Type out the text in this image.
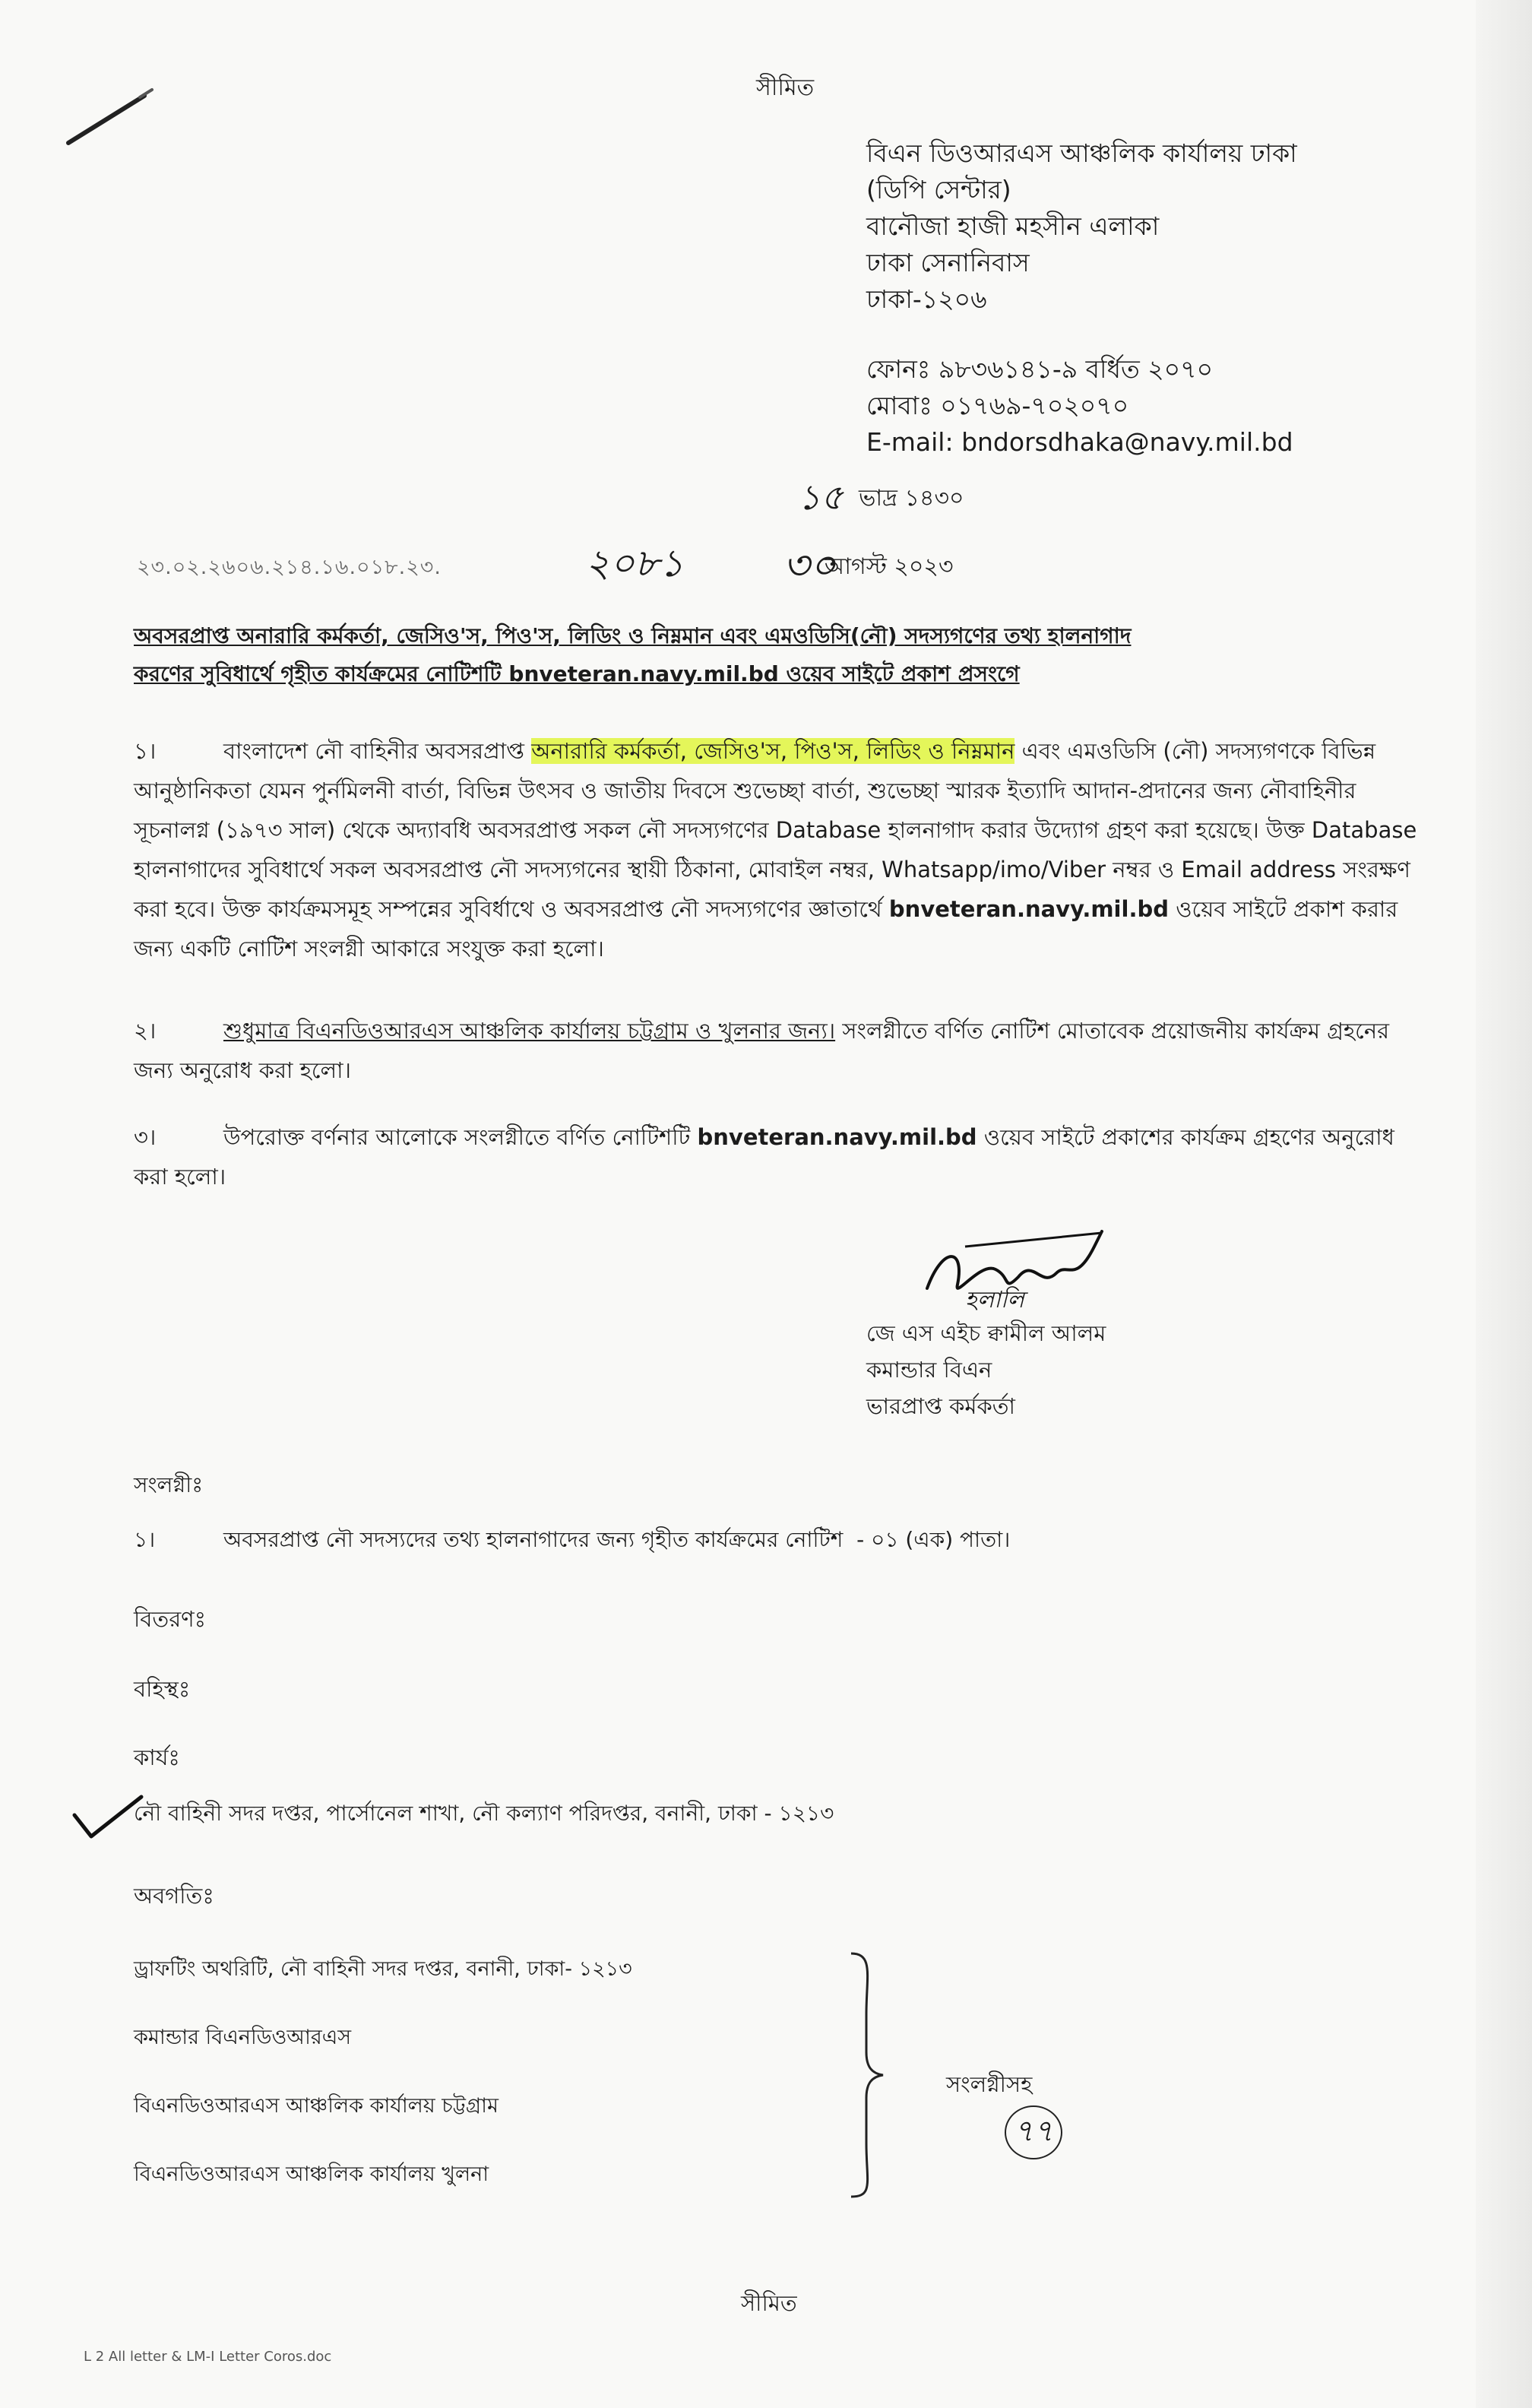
সীমিত
বিএন ডিওআরএস আঞ্চলিক কার্যালয় ঢাকা
(ডিপি সেন্টার)
বানৌজা হাজী মহসীন এলাকা
ঢাকা সেনানিবাস
ঢাকা-১২০৬
ফোনঃ ৯৮৩৬১৪১-৯ বর্ধিত ২০৭০
মোবাঃ ০১৭৬৯-৭০২০৭০
E-mail: bndorsdhaka@navy.mil.bd
১৫ ভাদ্র ১৪৩০
২৩.০২.২৬০৬.২১৪.১৬.০১৮.২৩.	২০৮১ ৩০
আগস্ট ২০২৩
অবসরপ্রাপ্ত অনারারি কর্মকর্তা, জেসিও'স, পিও'স, লিডিং ও নিম্নমান এবং এমওডিসি(নৌ) সদস্যগণের তথ্য হালনাগাদ
করণের সুবিধার্থে গৃহীত কার্যক্রমের নোটিশটি bnveteran.navy.mil.bd ওয়েব সাইটে প্রকাশ প্রসংগে
১।	বাংলাদেশ নৌ বাহিনীর অবসরপ্রাপ্ত অনারারি কর্মকর্তা, জেসিও'স, পিও'স, লিডিং ও নিম্নমান এবং এমওডিসি (নৌ) সদস্যগণকে বিভিন্ন আনুষ্ঠানিকতা যেমন পুর্নমিলনী বার্তা, বিভিন্ন উৎসব ও জাতীয় দিবসে শুভেচ্ছা বার্তা, শুভেচ্ছা স্মারক ইত্যাদি আদান-প্রদানের জন্য নৌবাহিনীর সূচনালগ্ন (১৯৭৩ সাল) থেকে অদ্যাবধি অবসরপ্রাপ্ত সকল নৌ সদস্যগণের Database হালনাগাদ করার উদ্যোগ গ্রহণ করা হয়েছে। উক্ত Database হালনাগাদের সুবিধার্থে সকল অবসরপ্রাপ্ত নৌ সদস্যগনের স্থায়ী ঠিকানা, মোবাইল নম্বর, Whatsapp/imo/Viber নম্বর ও Email address সংরক্ষণ করা হবে। উক্ত কার্যক্রমসমূহ সম্পন্নের সুবির্ধাথে ও অবসরপ্রাপ্ত নৌ সদস্যগণের জ্ঞাতার্থে bnveteran.navy.mil.bd ওয়েব সাইটে প্রকাশ করার জন্য একটি নোটিশ সংলগ্নী আকারে সংযুক্ত করা হলো।
২।	শুধুমাত্র বিএনডিওআরএস আঞ্চলিক কার্যালয় চট্টগ্রাম ও খুলনার জন্য। সংলগ্নীতে বর্ণিত নোটিশ মোতাবেক প্রয়োজনীয় কার্যক্রম গ্রহনের জন্য অনুরোধ করা হলো।
৩।	উপরোক্ত বর্ণনার আলোকে সংলগ্নীতে বর্ণিত নোটিশটি bnveteran.navy.mil.bd ওয়েব সাইটে প্রকাশের কার্যক্রম গ্রহণের অনুরোধ করা হলো।
হলালি
জে এস এইচ ক্বামীল আলম
কমান্ডার বিএন
ভারপ্রাপ্ত কর্মকর্তা
সংলগ্নীঃ
১।	অবসরপ্রাপ্ত নৌ সদস্যদের তথ্য হালনাগাদের জন্য গৃহীত কার্যক্রমের নোটিশ - ০১ (এক) পাতা।
বিতরণঃ
বহিস্থঃ
কার্যঃ
নৌ বাহিনী সদর দপ্তর, পার্সোনেল শাখা, নৌ কল্যাণ পরিদপ্তর, বনানী, ঢাকা - ১২১৩
অবগতিঃ
ড্রাফটিং অথরিটি, নৌ বাহিনী সদর দপ্তর, বনানী, ঢাকা- ১২১৩
কমান্ডার বিএনডিওআরএস
বিএনডিওআরএস আঞ্চলিক কার্যালয় চট্টগ্রাম
বিএনডিওআরএস আঞ্চলিক কার্যালয় খুলনা
সংলগ্নীসহ
৭৭
সীমিত
L 2 All letter & LM-I Letter Coros.doc
